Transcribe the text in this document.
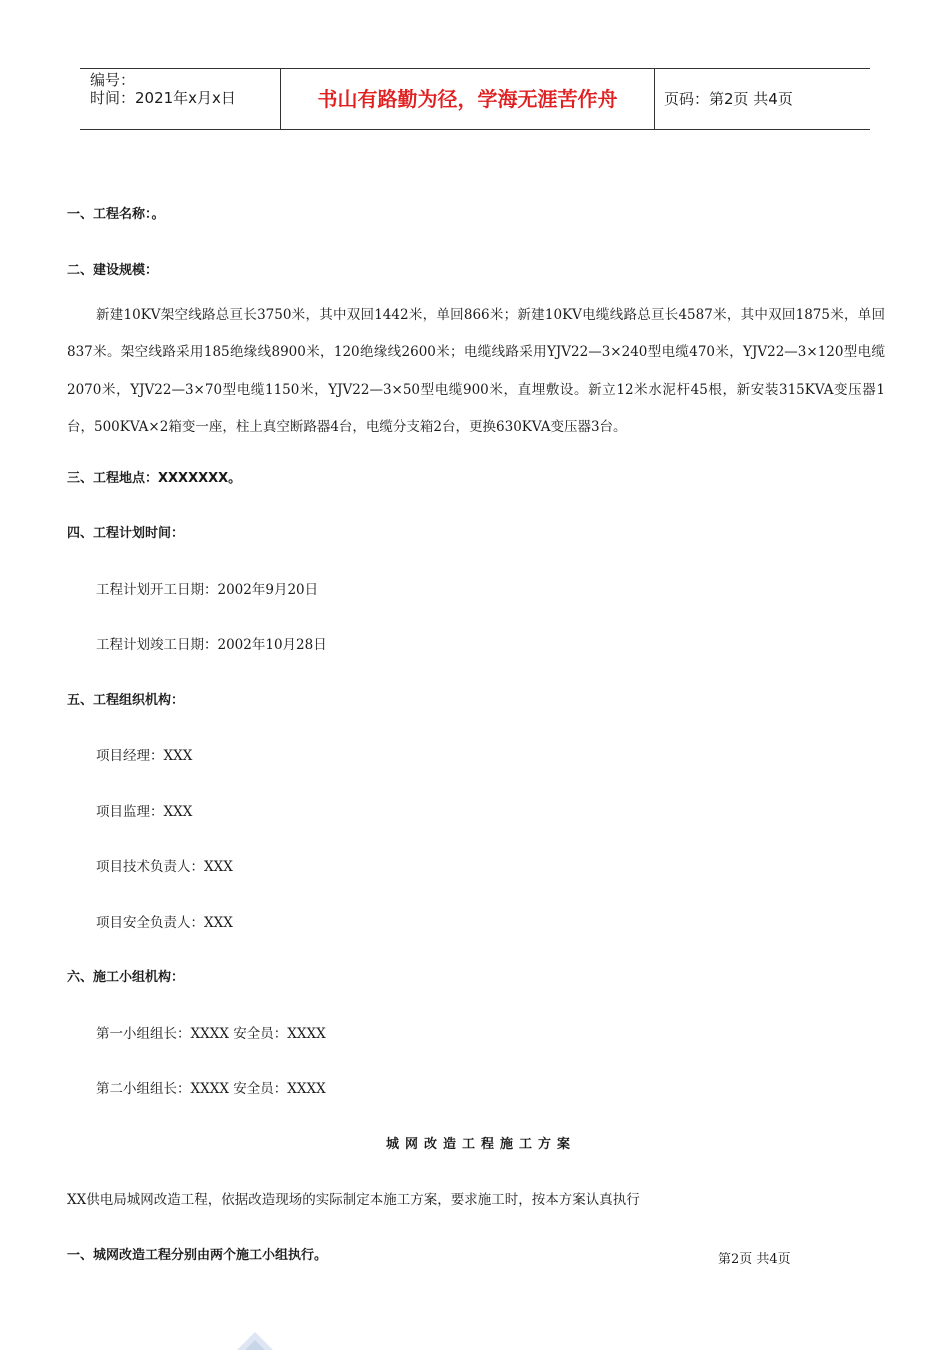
编号：
时间：2021年x月x日	书山有路勤为径，学海无涯苦作舟	页码：第2页 共4页
一、工程名称：。
二、建设规模：
新建10KV架空线路总亘长3750米，其中双回1442米，单回866米；新建10KV电缆线路总亘长4587米，其中双回1875米，单回837米。架空线路采用185绝缘线8900米，120绝缘线2600米；电缆线路采用YJV22—3×240型电缆470米，YJV22—3×120型电缆2070米，YJV22—3×70型电缆1150米，YJV22—3×50型电缆900米，直埋敷设。新立12米水泥杆45根，新安装315KVA变压器1台，500KVA×2箱变一座，柱上真空断路器4台，电缆分支箱2台，更换630KVA变压器3台。
三、工程地点：XXXXXXX。
四、工程计划时间：
工程计划开工日期：2002年9月20日
工程计划竣工日期：2002年10月28日
五、工程组织机构：
项目经理：XXX
项目监理：XXX
项目技术负责人：XXX
项目安全负责人：XXX
六、施工小组机构：
第一小组组长：XXXX 安全员：XXXX
第二小组组长：XXXX 安全员：XXXX
城网改造工程施工方案
XX供电局城网改造工程，依据改造现场的实际制定本施工方案，要求施工时，按本方案认真执行
一、城网改造工程分别由两个施工小组执行。	第2页 共4页
